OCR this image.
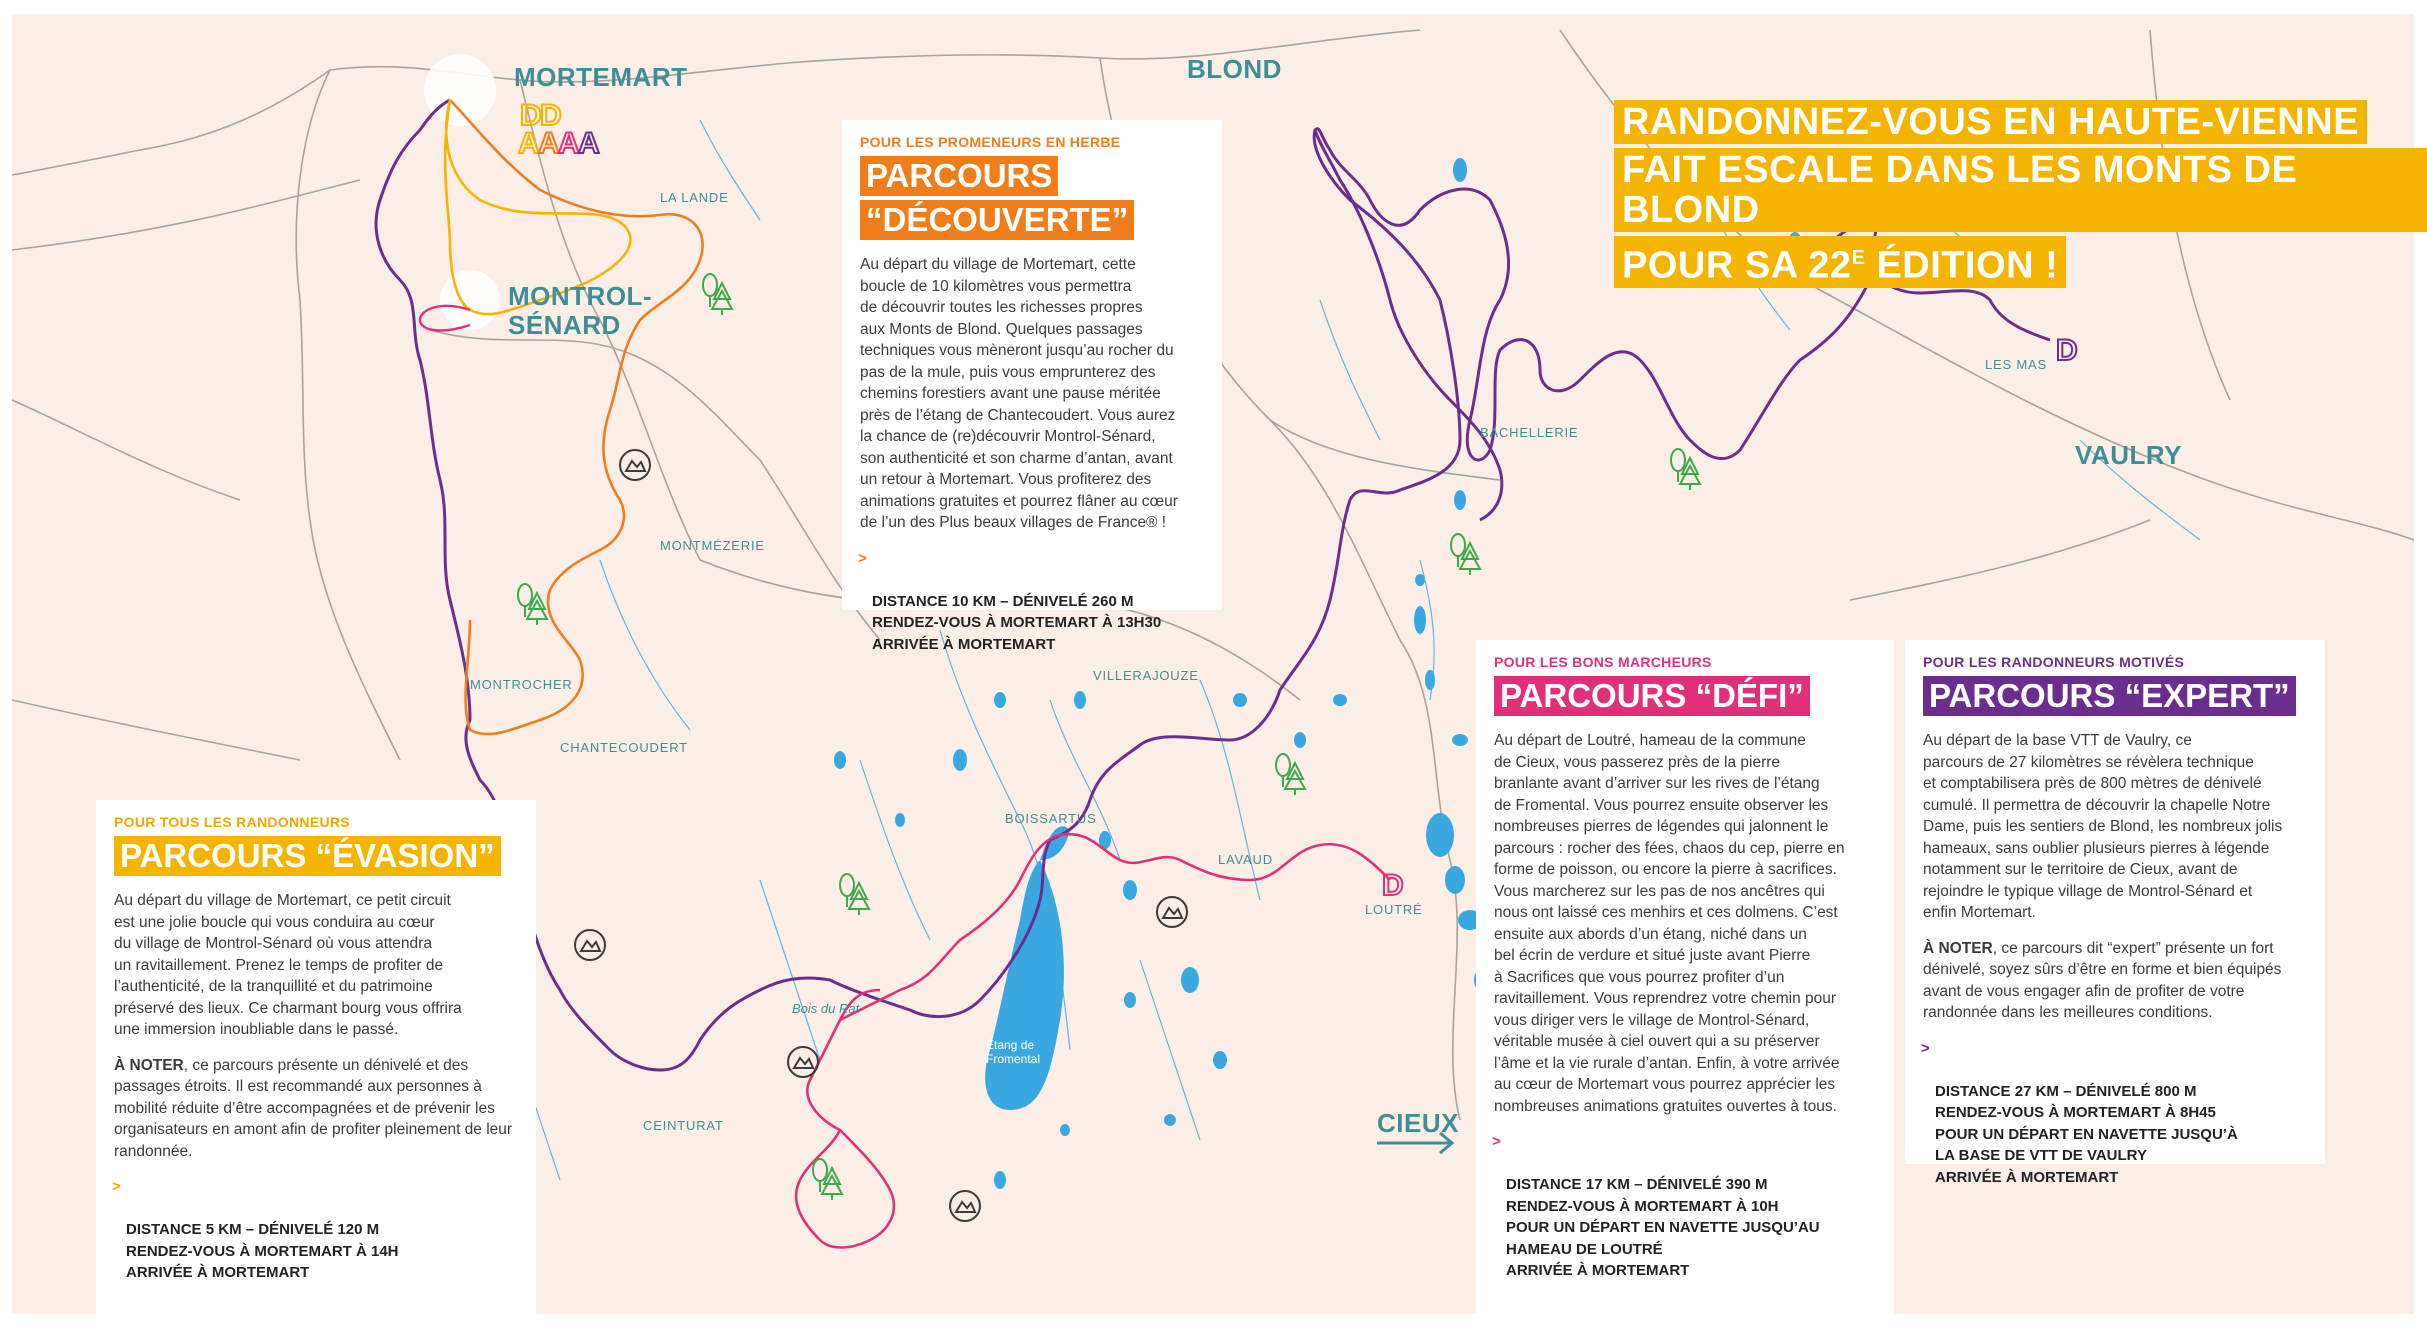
D
D
A
A
A
A
D
D
RANDONNEZ-VOUS EN HAUTE-VIENNE
FAIT ESCALE DANS LES MONTS DE BLOND
POUR SA $22^E$ ÉDITION !
MORTEMART	BLOND
MONTROL-
SÉNARD
VAULRY
CIEUX
LA LANDE
MONTMÉZERIE
MONTROCHER
CHANTECOUDERT
CEINTURAT
BACHELLERIE
LES MAS
VILLERAJOUZE
BOISSARTUS
LAVAUD
LOUTRÉ
Bois du Rat
Étang de
Fromental
POUR LES PROMENEURS EN HERBE
PARCOURS
“DÉCOUVERTE”
Au départ du village de Mortemart, cette
boucle de 10 kilomètres vous permettra
de découvrir toutes les richesses propres
aux Monts de Blond. Quelques passages
techniques vous mèneront jusqu’au rocher du
pas de la mule, puis vous emprunterez des
chemins forestiers avant une pause méritée
près de l’étang de Chantecoudert. Vous aurez
la chance de (re)découvrir Montrol-Sénard,
son authenticité et son charme d’antan, avant
un retour à Mortemart. Vous profiterez des
animations gratuites et pourrez flâner au cœur
de l’un des Plus beaux villages de France® !

>

DISTANCE 10 KM – DÉNIVELÉ 260 M
RENDEZ-VOUS À MORTEMART À 13H30
ARRIVÉE À MORTEMART

POUR TOUS LES RANDONNEURS
PARCOURS “ÉVASION”
Au départ du village de Mortemart, ce petit circuit
est une jolie boucle qui vous conduira au cœur
du village de Montrol-Sénard où vous attendra
un ravitaillement. Prenez le temps de profiter de
l’authenticité, de la tranquillité et du patrimoine
préservé des lieux. Ce charmant bourg vous offrira
une immersion inoubliable dans le passé.
À NOTER, ce parcours présente un dénivelé et des passages étroits. Il est recommandé aux personnes à mobilité réduite d’être accompagnées et de prévenir les organisateurs en amont afin de profiter pleinement de leur randonnée.

>

DISTANCE 5 KM – DÉNIVELÉ 120 M
RENDEZ-VOUS À MORTEMART À 14H
ARRIVÉE À MORTEMART

POUR LES BONS MARCHEURS
PARCOURS “DÉFI”
Au départ de Loutré, hameau de la commune
de Cieux, vous passerez près de la pierre
branlante avant d’arriver sur les rives de l’étang
de Fromental. Vous pourrez ensuite observer les
nombreuses pierres de légendes qui jalonnent le
parcours : rocher des fées, chaos du cep, pierre en
forme de poisson, ou encore la pierre à sacrifices.
Vous marcherez sur les pas de nos ancêtres qui
nous ont laissé ces menhirs et ces dolmens. C’est
ensuite aux abords d’un étang, niché dans un
bel écrin de verdure et situé juste avant Pierre
à Sacrifices que vous pourrez profiter d’un
ravitaillement. Vous reprendrez votre chemin pour
vous diriger vers le village de Montrol-Sénard,
véritable musée à ciel ouvert qui a su préserver
l’âme et la vie rurale d’antan. Enfin, à votre arrivée
au cœur de Mortemart vous pourrez apprécier les
nombreuses animations gratuites ouvertes à tous.

>

DISTANCE 17 KM – DÉNIVELÉ 390 M
RENDEZ-VOUS À MORTEMART À 10H
POUR UN DÉPART EN NAVETTE JUSQU’AU
HAMEAU DE LOUTRÉ
ARRIVÉE À MORTEMART

POUR LES RANDONNEURS MOTIVÉS
PARCOURS “EXPERT”
Au départ de la base VTT de Vaulry, ce
parcours de 27 kilomètres se révèlera technique
et comptabilisera près de 800 mètres de dénivelé
cumulé. Il permettra de découvrir la chapelle Notre
Dame, puis les sentiers de Blond, les nombreux jolis
hameaux, sans oublier plusieurs pierres à légende
notamment sur le territoire de Cieux, avant de
rejoindre le typique village de Montrol-Sénard et
enfin Mortemart.
À NOTER, ce parcours dit “expert” présente un fort dénivelé, soyez sûrs d’être en forme et bien équipés avant de vous engager afin de profiter de votre randonnée dans les meilleures conditions.

>

DISTANCE 27 KM – DÉNIVELÉ 800 M
RENDEZ-VOUS À MORTEMART À 8H45
POUR UN DÉPART EN NAVETTE JUSQU’À
LA BASE DE VTT DE VAULRY
ARRIVÉE À MORTEMART
